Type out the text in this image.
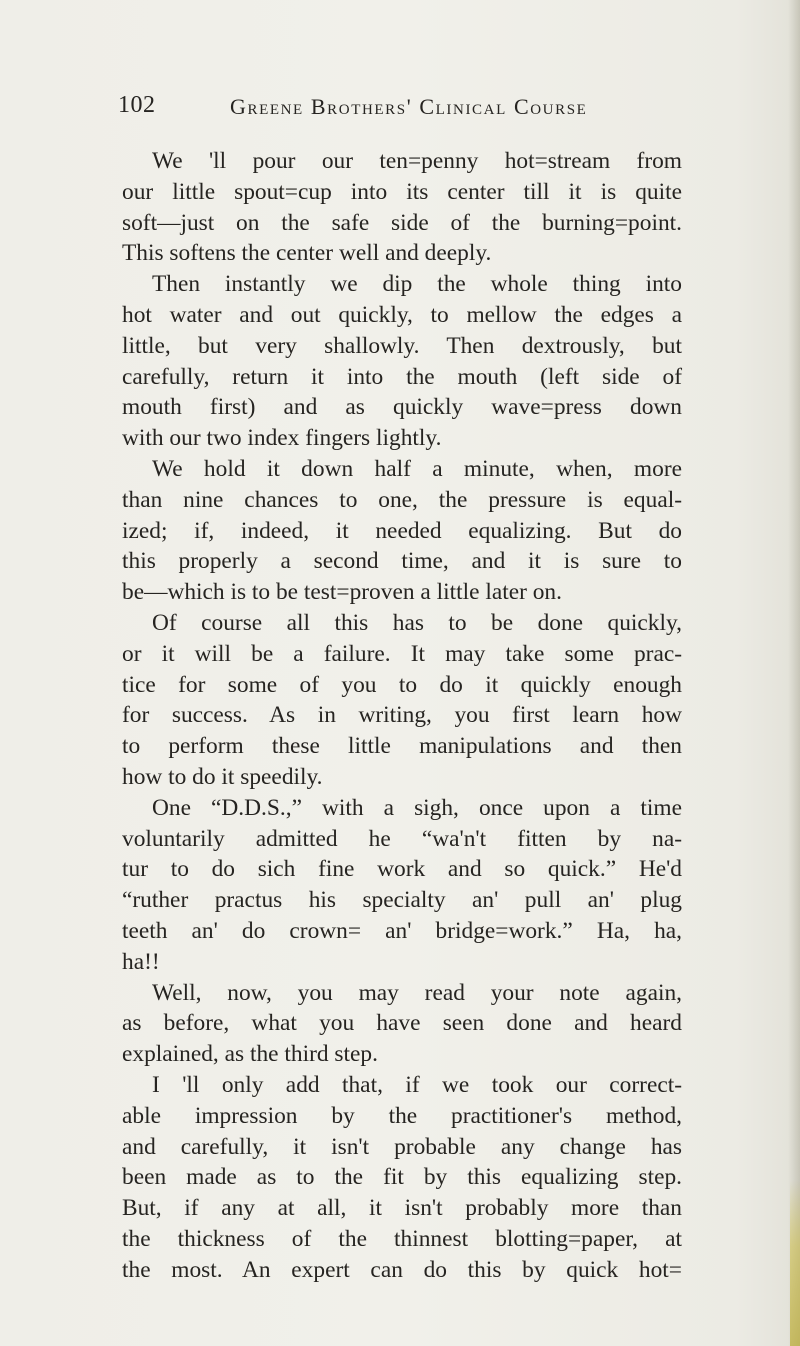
102	Greene Brothers' Clinical Course
We 'll pour our ten=penny hot=stream from
our little spout=cup into its center till it is quite
soft—just on the safe side of the burning=point.
This softens the center well and deeply.
Then instantly we dip the whole thing into
hot water and out quickly, to mellow the edges a
little, but very shallowly. Then dextrously, but
carefully, return it into the mouth (left side of
mouth first) and as quickly wave=press down
with our two index fingers lightly.
We hold it down half a minute, when, more
than nine chances to one, the pressure is equal-
ized; if, indeed, it needed equalizing. But do
this properly a second time, and it is sure to
be—which is to be test=proven a little later on.
Of course all this has to be done quickly,
or it will be a failure. It may take some prac-
tice for some of you to do it quickly enough
for success. As in writing, you first learn how
to perform these little manipulations and then
how to do it speedily.
One “D.D.S.,” with a sigh, once upon a time
voluntarily admitted he “wa'n't fitten by na-
tur to do sich fine work and so quick.” He'd
“ruther practus his specialty an' pull an' plug
teeth an' do crown= an' bridge=work.” Ha, ha,
ha!!
Well, now, you may read your note again,
as before, what you have seen done and heard
explained, as the third step.
I 'll only add that, if we took our correct-
able impression by the practitioner's method,
and carefully, it isn't probable any change has
been made as to the fit by this equalizing step.
But, if any at all, it isn't probably more than
the thickness of the thinnest blotting=paper, at
the most. An expert can do this by quick hot=
